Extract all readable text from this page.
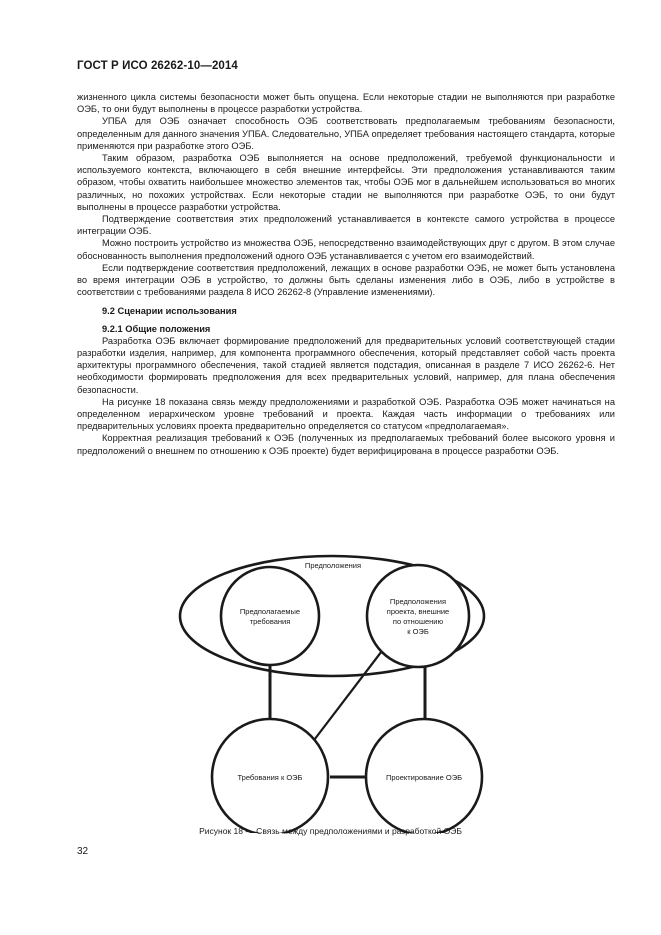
ГОСТ Р ИСО 26262-10—2014

жизненного цикла системы безопасности может быть опущена. Если некоторые стадии не выполняются при разработке ОЭБ, то они будут выполнены в процессе разработки устройства.

УПБА для ОЭБ означает способность ОЭБ соответствовать предполагаемым требованиям безопасности, определенным для данного значения УПБА. Следовательно, УПБА определяет требования настоящего стандарта, которые применяются при разработке этого ОЭБ.

Таким образом, разработка ОЭБ выполняется на основе предположений, требуемой функциональности и используемого контекста, включающего в себя внешние интерфейсы. Эти предположения устанавливаются таким образом, чтобы охватить наибольшее множество элементов так, чтобы ОЭБ мог в дальнейшем использоваться во многих различных, но похожих устройствах. Если некоторые стадии не выполняются при разработке ОЭБ, то они будут выполнены в процессе разработки устройства.

Подтверждение соответствия этих предположений устанавливается в контексте самого устройства в процессе интеграции ОЭБ.

Можно построить устройство из множества ОЭБ, непосредственно взаимодействующих друг с другом. В этом случае обоснованность выполнения предположений одного ОЭБ устанавливается с учетом его взаимодействий.

Если подтверждение соответствия предположений, лежащих в основе разработки ОЭБ, не может быть установлена во время интеграции ОЭБ в устройство, то должны быть сделаны изменения либо в ОЭБ, либо в устройстве в соответствии с требованиями раздела 8 ИСО 26262-8 (Управление изменениями).

9.2 Сценарии использования

9.2.1 Общие положения

Разработка ОЭБ включает формирование предположений для предварительных условий соответствующей стадии разработки изделия, например, для компонента программного обеспечения, который представляет собой часть проекта архитектуры программного обеспечения, такой стадией является подстадия, описанная в разделе 7 ИСО 26262-6. Нет необходимости формировать предположения для всех предварительных условий, например, для плана обеспечения безопасности.

На рисунке 18 показана связь между предположениями и разработкой ОЭБ. Разработка ОЭБ может начинаться на определенном иерархическом уровне требований и проекта. Каждая часть информации о требованиях или предварительных условиях проекта предварительно определяется со статусом «предполагаемая».

Корректная реализация требований к ОЭБ (полученных из предполагаемых требований более высокого уровня и предположений о внешнем по отношению к ОЭБ проекте) будет верифицирована в процессе разработки ОЭБ.

Предположения
Предполагаемые
требования
Предположения
проекта, внешние
по отношению
к ОЭБ
Требования к ОЭБ	Проектирование ОЭБ
Рисунок 18 — Связь между предположениями и разработкой ОЭБ
32
